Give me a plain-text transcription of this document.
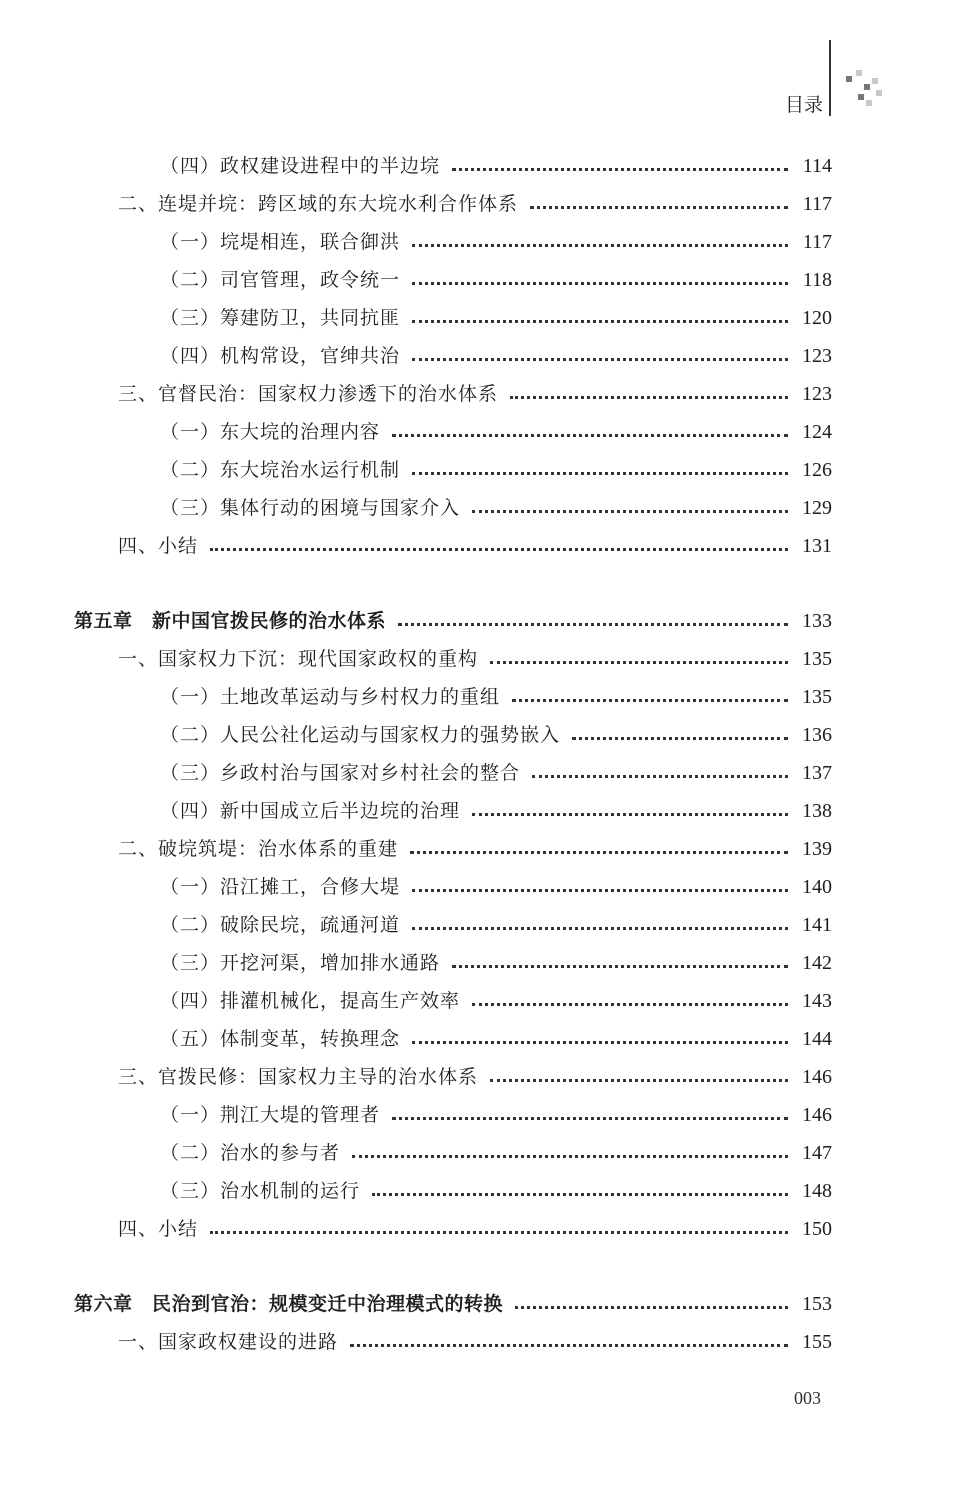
目录
（四）政权建设进程中的半边垸	114
二、连堤并垸：跨区域的东大垸水利合作体系	117
（一）垸堤相连，联合御洪	117
（二）司官管理，政令统一	118
（三）筹建防卫，共同抗匪	120
（四）机构常设，官绅共治	123
三、官督民治：国家权力渗透下的治水体系	123
（一）东大垸的治理内容	124
（二）东大垸治水运行机制	126
（三）集体行动的困境与国家介入	129
四、小结	131
第五章　新中国官拨民修的治水体系	133
一、国家权力下沉：现代国家政权的重构	135
（一）土地改革运动与乡村权力的重组	135
（二）人民公社化运动与国家权力的强势嵌入	136
（三）乡政村治与国家对乡村社会的整合	137
（四）新中国成立后半边垸的治理	138
二、破垸筑堤：治水体系的重建	139
（一）沿江摊工，合修大堤	140
（二）破除民垸，疏通河道	141
（三）开挖河渠，增加排水通路	142
（四）排灌机械化，提高生产效率	143
（五）体制变革，转换理念	144
三、官拨民修：国家权力主导的治水体系	146
（一）荆江大堤的管理者	146
（二）治水的参与者	147
（三）治水机制的运行	148
四、小结	150
第六章　民治到官治：规模变迁中治理模式的转换	153
一、国家政权建设的进路	155
003
